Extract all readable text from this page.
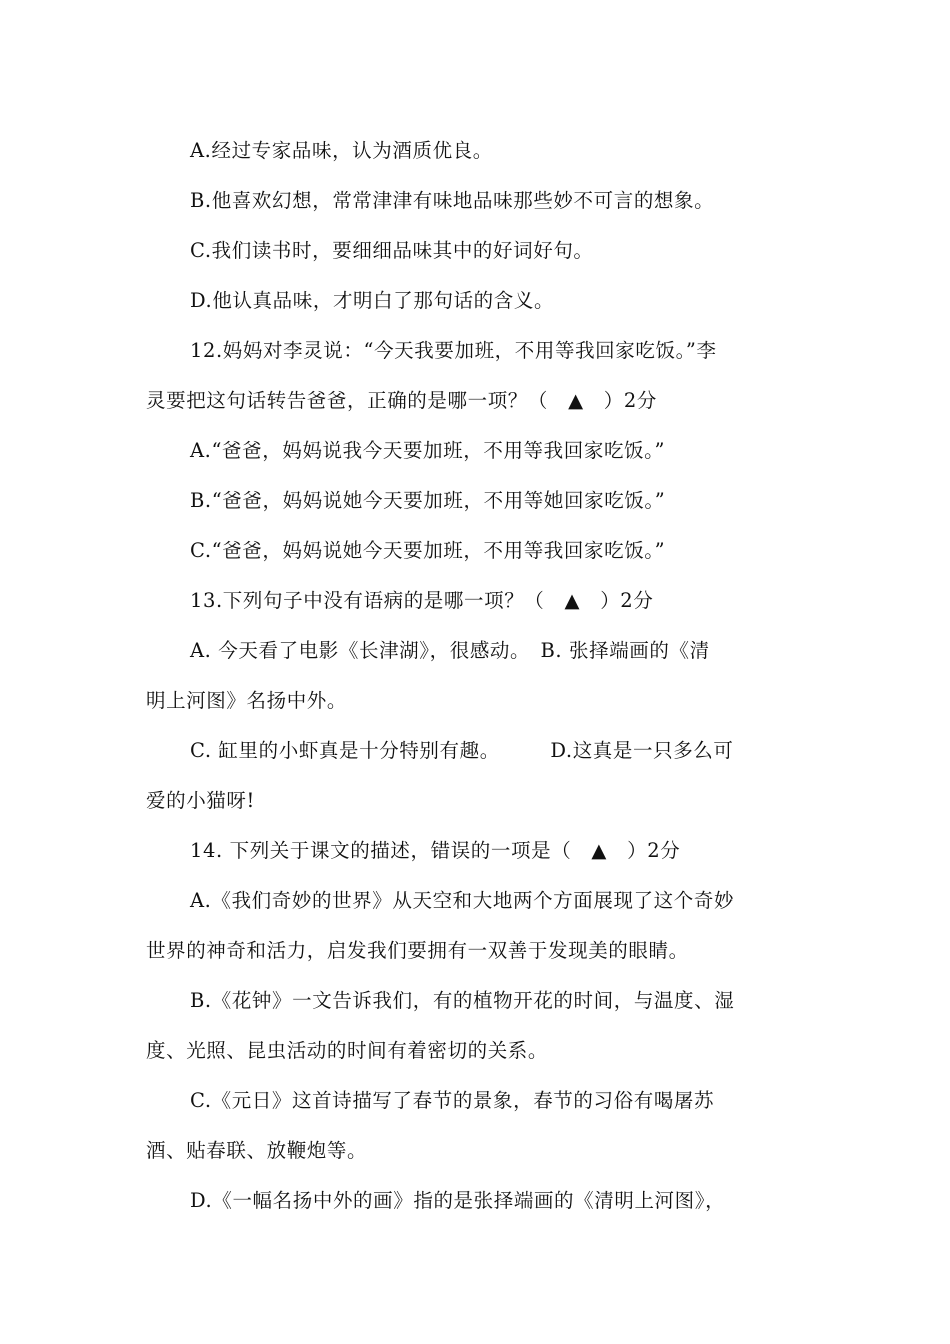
A.经过专家品味，认为酒质优良。
B.他喜欢幻想，常常津津有味地品味那些妙不可言的想象。
C.我们读书时，要细细品味其中的好词好句。
D.他认真品味，才明白了那句话的含义。
12.妈妈对李灵说：“今天我要加班，不用等我回家吃饭。”李
灵要把这句话转告爸爸，正确的是哪一项？（　▲　）2分
A.“爸爸，妈妈说我今天要加班，不用等我回家吃饭。”
B.“爸爸，妈妈说她今天要加班，不用等她回家吃饭。”
C.“爸爸，妈妈说她今天要加班，不用等我回家吃饭。”
13.下列句子中没有语病的是哪一项？（　▲　）2分
A. 今天看了电影《长津湖》，很感动。　B. 张择端画的《清
明上河图》名扬中外。
C. 缸里的小虾真是十分特别有趣。　　　D.这真是一只多么可
爱的小猫呀!
14. 下列关于课文的描述，错误的一项是（　▲　）2分
A.《我们奇妙的世界》从天空和大地两个方面展现了这个奇妙
世界的神奇和活力，启发我们要拥有一双善于发现美的眼睛。
B.《花钟》一文告诉我们，有的植物开花的时间，与温度、湿
度、光照、昆虫活动的时间有着密切的关系。
C.《元日》这首诗描写了春节的景象，春节的习俗有喝屠苏
酒、贴春联、放鞭炮等。
D.《一幅名扬中外的画》指的是张择端画的《清明上河图》，
